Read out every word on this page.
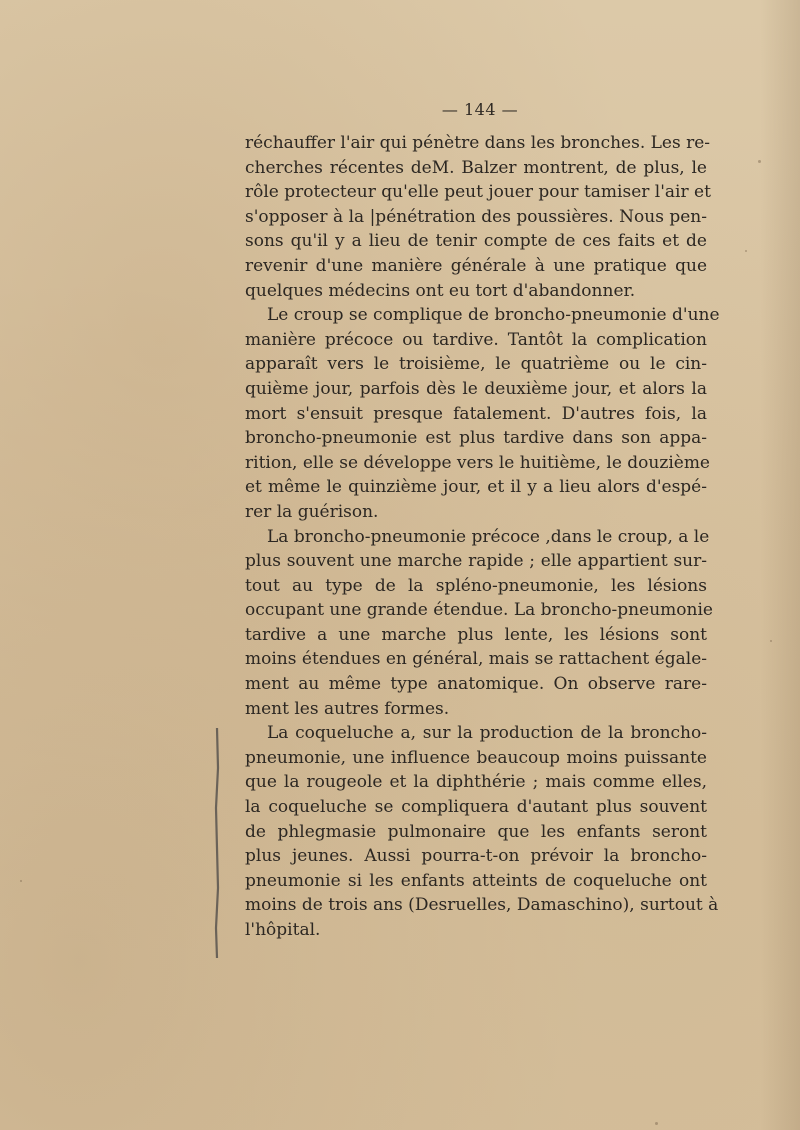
— 144 —
réchauffer l'air qui pénètre dans les bronches. Les re-
cherches récentes deM. Balzer montrent, de plus, le
rôle protecteur qu'elle peut jouer pour tamiser l'air et
s'opposer à la |pénétration des poussières. Nous pen-
sons qu'il y a lieu de tenir compte de ces faits et de
revenir d'une manière générale à une pratique que
quelques médecins ont eu tort d'abandonner.
Le croup se complique de broncho-pneumonie d'une
manière précoce ou tardive. Tantôt la complication
apparaît vers le troisième, le quatrième ou le cin-
quième jour, parfois dès le deuxième jour, et alors la
mort s'ensuit presque fatalement. D'autres fois, la
broncho-pneumonie est plus tardive dans son appa-
rition, elle se développe vers le huitième, le douzième
et même le quinzième jour, et il y a lieu alors d'espé-
rer la guérison.
La broncho-pneumonie précoce ,dans le croup, a le
plus souvent une marche rapide ; elle appartient sur-
tout au type de la spléno-pneumonie, les lésions
occupant une grande étendue. La broncho-pneumonie
tardive a une marche plus lente, les lésions sont
moins étendues en général, mais se rattachent égale-
ment au même type anatomique. On observe rare-
ment les autres formes.
La coqueluche a, sur la production de la broncho-
pneumonie, une influence beaucoup moins puissante
que la rougeole et la diphthérie ; mais comme elles,
la coqueluche se compliquera d'autant plus souvent
de phlegmasie pulmonaire que les enfants seront
plus jeunes. Aussi pourra-t-on prévoir la broncho-
pneumonie si les enfants atteints de coqueluche ont
moins de trois ans (Desruelles, Damaschino), surtout à
l'hôpital.
